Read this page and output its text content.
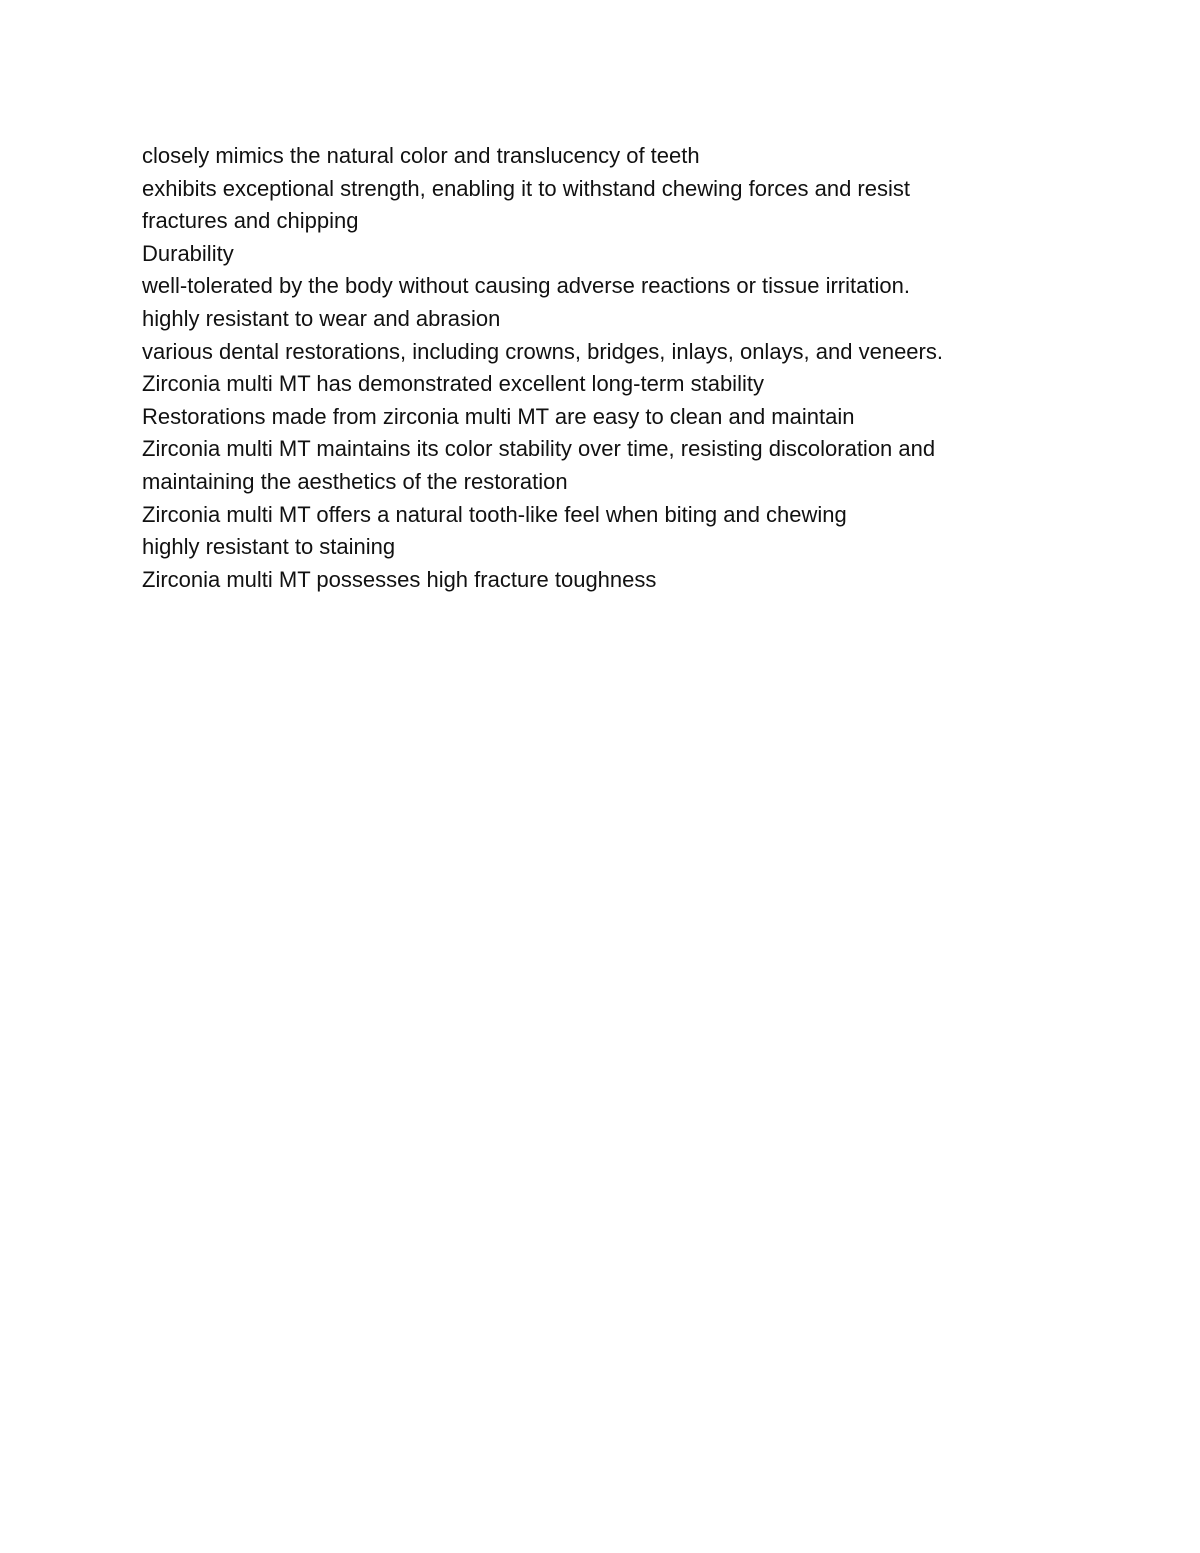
closely mimics the natural color and translucency of teeth
exhibits exceptional strength, enabling it to withstand chewing forces and resist
fractures and chipping
Durability
well-tolerated by the body without causing adverse reactions or tissue irritation.
highly resistant to wear and abrasion
various dental restorations, including crowns, bridges, inlays, onlays, and veneers.
Zirconia multi MT has demonstrated excellent long-term stability
Restorations made from zirconia multi MT are easy to clean and maintain
Zirconia multi MT maintains its color stability over time, resisting discoloration and
maintaining the aesthetics of the restoration
Zirconia multi MT offers a natural tooth-like feel when biting and chewing
highly resistant to staining
Zirconia multi MT possesses high fracture toughness
